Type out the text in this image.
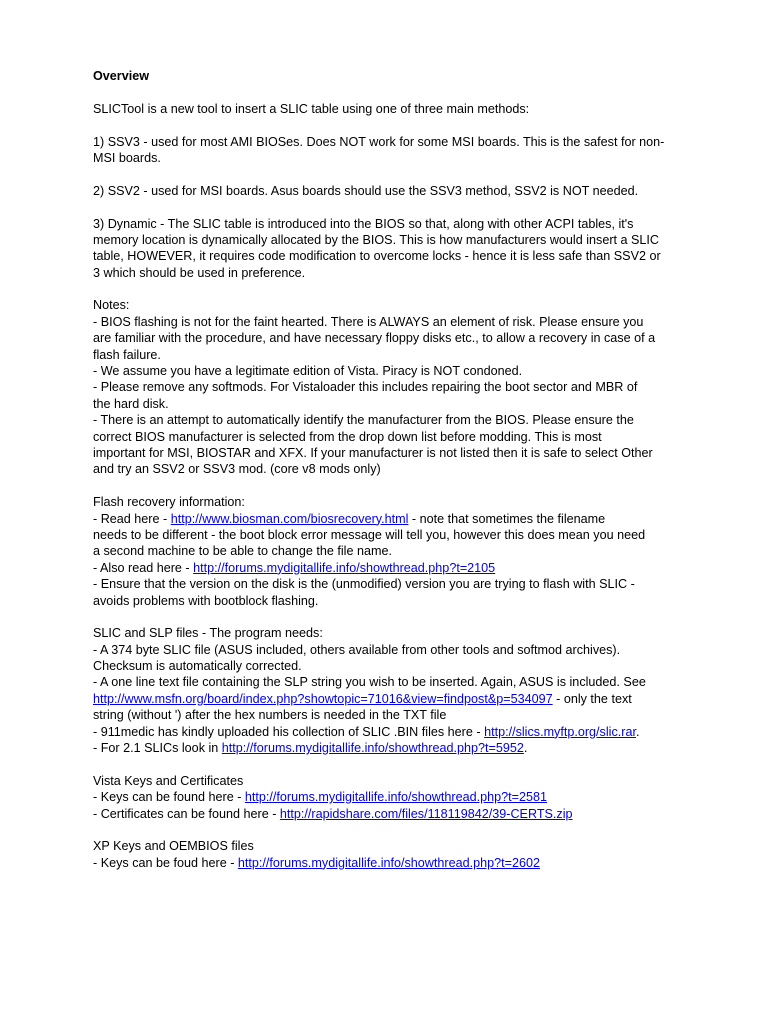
Overview
SLICTool is a new tool to insert a SLIC table using one of three main methods:
1) SSV3 - used for most AMI BIOSes. Does NOT work for some MSI boards. This is the safest for non-
MSI boards.
2) SSV2 - used for MSI boards. Asus boards should use the SSV3 method, SSV2 is NOT needed.
3) Dynamic - The SLIC table is introduced into the BIOS so that, along with other ACPI tables, it's
memory location is dynamically allocated by the BIOS. This is how manufacturers would insert a SLIC
table, HOWEVER, it requires code modification to overcome locks - hence it is less safe than SSV2 or
3 which should be used in preference.
Notes:
- BIOS flashing is not for the faint hearted. There is ALWAYS an element of risk. Please ensure you
are familiar with the procedure, and have necessary floppy disks etc., to allow a recovery in case of a
flash failure.
- We assume you have a legitimate edition of Vista. Piracy is NOT condoned.
- Please remove any softmods. For Vistaloader this includes repairing the boot sector and MBR of
the hard disk.
- There is an attempt to automatically identify the manufacturer from the BIOS. Please ensure the
correct BIOS manufacturer is selected from the drop down list before modding. This is most
important for MSI, BIOSTAR and XFX. If your manufacturer is not listed then it is safe to select Other
and try an SSV2 or SSV3 mod. (core v8 mods only)
Flash recovery information:
- Read here - http://www.biosman.com/biosrecovery.html - note that sometimes the filename
needs to be different - the boot block error message will tell you, however this does mean you need
a second machine to be able to change the file name.
- Also read here - http://forums.mydigitallife.info/showthread.php?t=2105
- Ensure that the version on the disk is the (unmodified) version you are trying to flash with SLIC -
avoids problems with bootblock flashing.
SLIC and SLP files - The program needs:
- A 374 byte SLIC file (ASUS included, others available from other tools and softmod archives).
Checksum is automatically corrected.
- A one line text file containing the SLP string you wish to be inserted. Again, ASUS is included. See
http://www.msfn.org/board/index.php?showtopic=71016&view=findpost&p=534097 - only the text
string (without ') after the hex numbers is needed in the TXT file
- 911medic has kindly uploaded his collection of SLIC .BIN files here - http://slics.myftp.org/slic.rar.
- For 2.1 SLICs look in http://forums.mydigitallife.info/showthread.php?t=5952.
Vista Keys and Certificates
- Keys can be found here - http://forums.mydigitallife.info/showthread.php?t=2581
- Certificates can be found here - http://rapidshare.com/files/118119842/39-CERTS.zip
XP Keys and OEMBIOS files
- Keys can be foud here - http://forums.mydigitallife.info/showthread.php?t=2602
